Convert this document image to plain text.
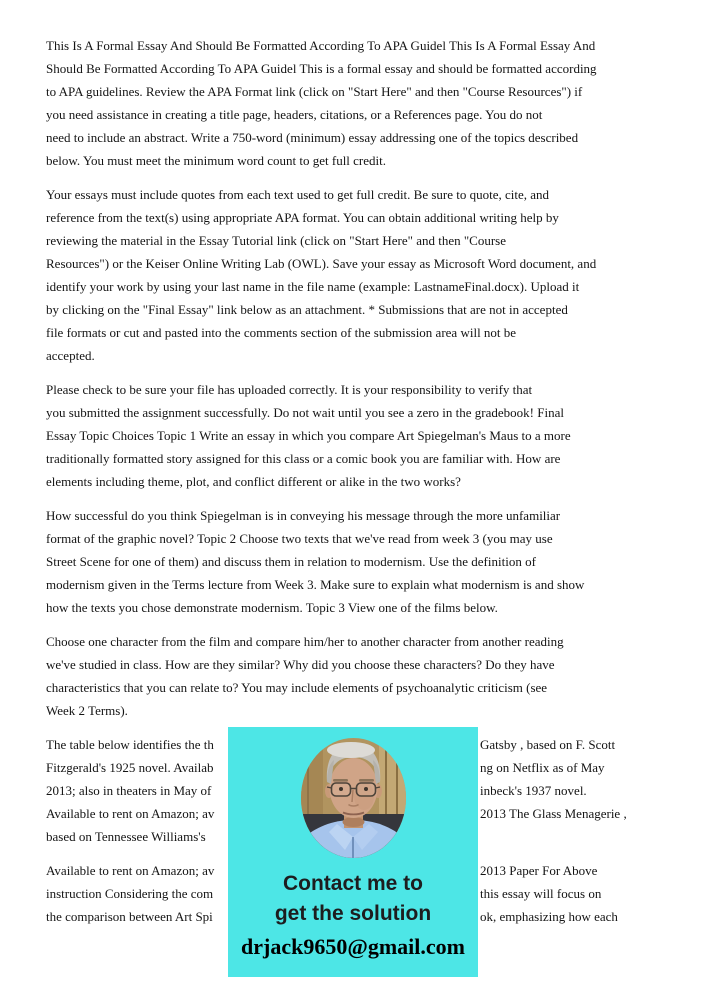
This Is A Formal Essay And Should Be Formatted According To APA Guidel This Is A Formal Essay And
Should Be Formatted According To APA Guidel This is a formal essay and should be formatted according
to APA guidelines. Review the APA Format link (click on "Start Here" and then "Course Resources") if
you need assistance in creating a title page, headers, citations, or a References page. You do not
need to include an abstract. Write a 750-word (minimum) essay addressing one of the topics described
below. You must meet the minimum word count to get full credit.
Your essays must include quotes from each text used to get full credit. Be sure to quote, cite, and
reference from the text(s) using appropriate APA format. You can obtain additional writing help by
reviewing the material in the Essay Tutorial link (click on "Start Here" and then "Course
Resources") or the Keiser Online Writing Lab (OWL). Save your essay as Microsoft Word document, and
identify your work by using your last name in the file name (example: LastnameFinal.docx). Upload it
by clicking on the "Final Essay" link below as an attachment. * Submissions that are not in accepted
file formats or cut and pasted into the comments section of the submission area will not be
accepted.
Please check to be sure your file has uploaded correctly. It is your responsibility to verify that
you submitted the assignment successfully. Do not wait until you see a zero in the gradebook! Final
Essay Topic Choices Topic 1 Write an essay in which you compare Art Spiegelman's Maus to a more
traditionally formatted story assigned for this class or a comic book you are familiar with. How are
elements including theme, plot, and conflict different or alike in the two works?
How successful do you think Spiegelman is in conveying his message through the more unfamiliar
format of the graphic novel? Topic 2 Choose two texts that we've read from week 3 (you may use
Street Scene for one of them) and discuss them in relation to modernism. Use the definition of
modernism given in the Terms lecture from Week 3. Make sure to explain what modernism is and show
how the texts you chose demonstrate modernism. Topic 3 View one of the films below.
Choose one character from the film and compare him/her to another character from another reading
we've studied in class. How are they similar? Why did you choose these characters? Do they have
characteristics that you can relate to? You may include elements of psychoanalytic criticism (see
Week 2 Terms).
The table below identifies the th	Gatsby , based on F. Scott
Fitzgerald's 1925 novel. Availab	ng on Netflix as of May
2013; also in theaters in May of	inbeck's 1937 novel.
Available to rent on Amazon; av	2013 The Glass Menagerie ,
based on Tennessee Williams's
Available to rent on Amazon; av	2013 Paper For Above
instruction Considering the com	this essay will focus on
the comparison between Art Spi	ok, emphasizing how each
Contact me to
get the solution
drjack9650@gmail.com
